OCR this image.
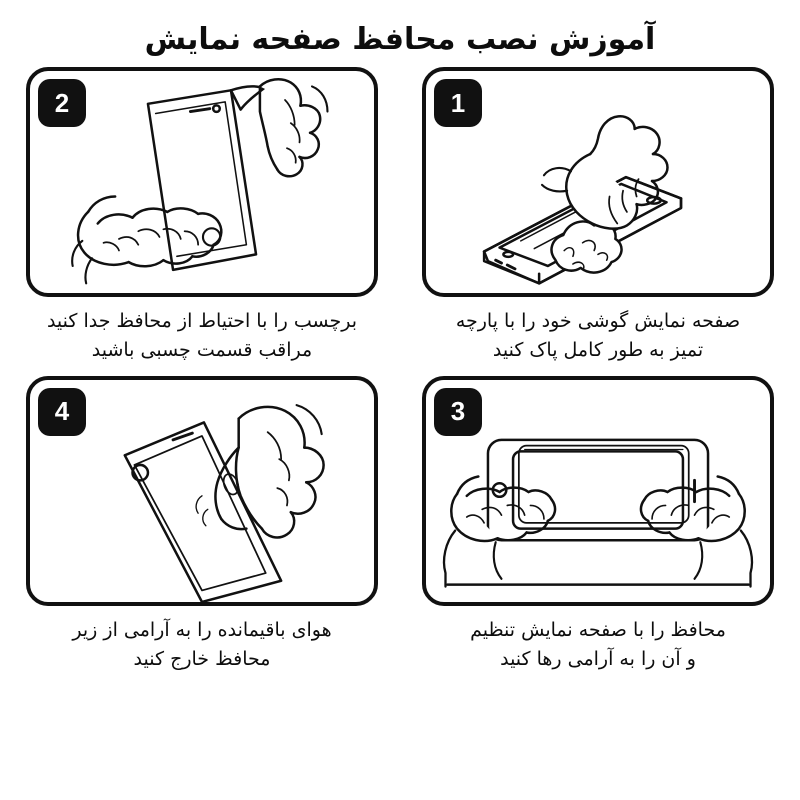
آموزش نصب محافظ صفحه نمایش
1
صفحه نمایش گوشی خود را با پارچه
تمیز به طور کامل پاک کنید
2
برچسب را با احتیاط از محافظ جدا کنید
مراقب قسمت چسبی باشید
3
محافظ را با صفحه نمایش تنظیم
و آن را به آرامی رها کنید
4
هوای باقیمانده را به آرامی از زیر
محافظ خارج کنید
